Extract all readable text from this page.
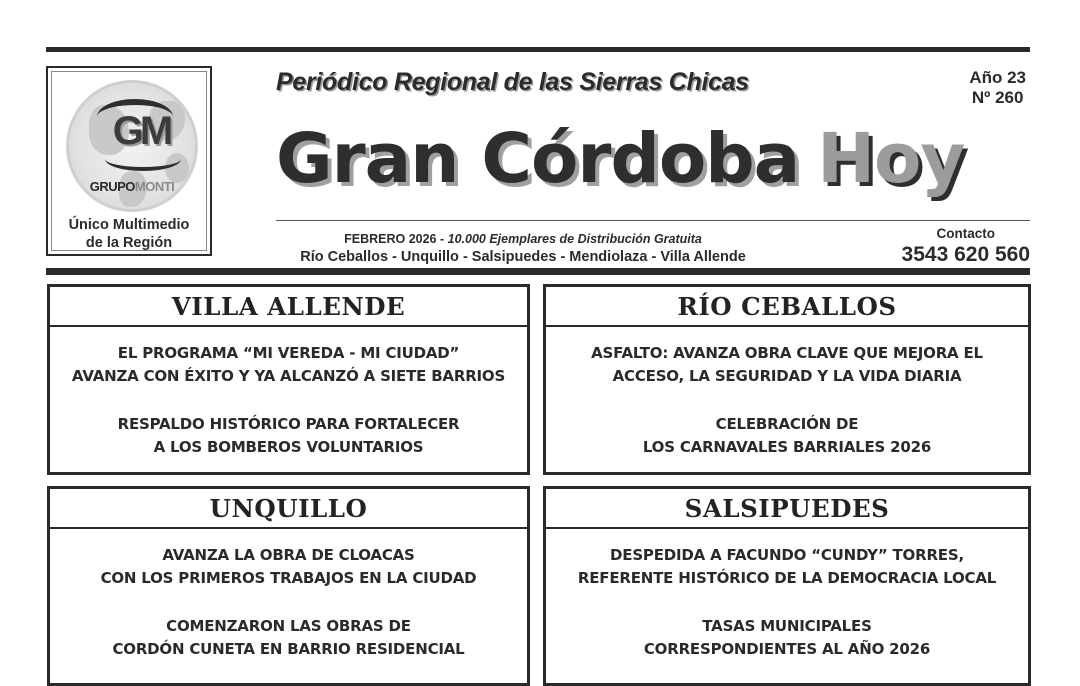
GM
GRUPOMONTI
Único Multimedio
de la Región
Periódico Regional de las Sierras Chicas	Año 23
Nº 260
Gran Córdoba Hoy
FEBRERO 2026 - 10.000 Ejemplares de Distribución Gratuita
Río Ceballos - Unquillo - Salsipuedes - Mendiolaza - Villa Allende
Contacto
3543 620 560
VILLA ALLENDE
EL PROGRAMA “MI VEREDA - MI CIUDAD”
AVANZA CON ÉXITO Y YA ALCANZÓ A SIETE BARRIOS
RESPALDO HISTÓRICO PARA FORTALECER
A LOS BOMBEROS VOLUNTARIOS
RÍO CEBALLOS
ASFALTO: AVANZA OBRA CLAVE QUE MEJORA EL
ACCESO, LA SEGURIDAD Y LA VIDA DIARIA
CELEBRACIÓN DE
LOS CARNAVALES BARRIALES 2026
UNQUILLO
AVANZA LA OBRA DE CLOACAS
CON LOS PRIMEROS TRABAJOS EN LA CIUDAD
COMENZARON LAS OBRAS DE
CORDÓN CUNETA EN BARRIO RESIDENCIAL
SALSIPUEDES
DESPEDIDA A FACUNDO “CUNDY” TORRES,
REFERENTE HISTÓRICO DE LA DEMOCRACIA LOCAL
TASAS MUNICIPALES
CORRESPONDIENTES AL AÑO 2026
